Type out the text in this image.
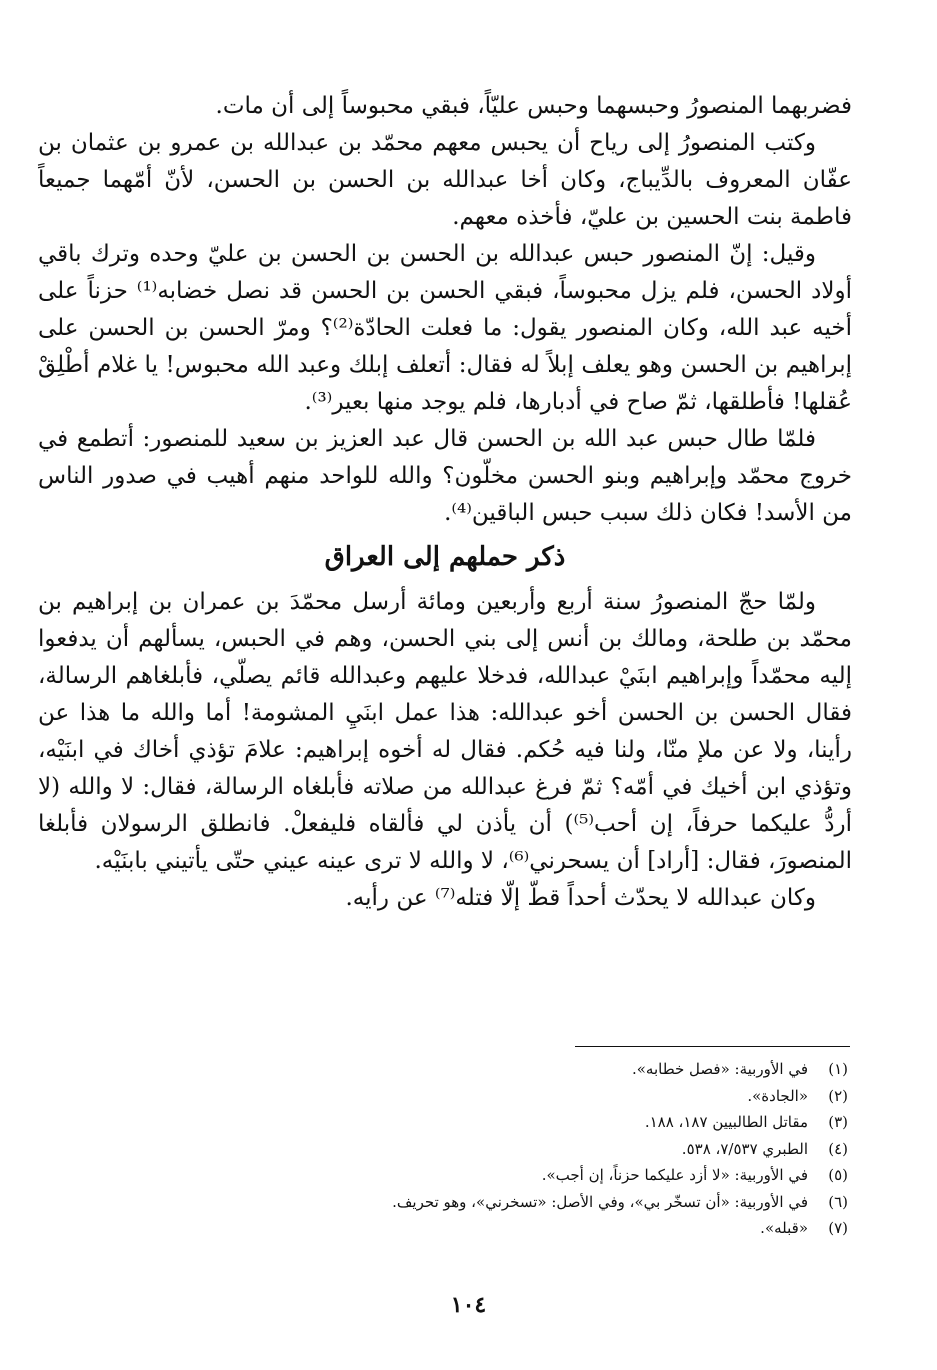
فضربهما المنصورُ وحبسهما وحبس عليّاً، فبقي محبوساً إلى أن مات.

وكتب المنصورُ إلى رياح أن يحبس معهم محمّد بن عبدالله بن عمرو بن عثمان بن عفّان المعروف بالدِّيباج، وكان أخا عبدالله بن الحسن بن الحسن، لأنّ أمّهما جميعاً فاطمة بنت الحسين بن عليّ، فأخذه معهم.

وقيل: إنّ المنصور حبس عبدالله بن الحسن بن الحسن بن عليّ وحده وترك باقي أولاد الحسن، فلم يزل محبوساً، فبقي الحسن بن الحسن قد نصل خضابه⁽¹⁾ حزناً على أخيه عبد الله، وكان المنصور يقول: ما فعلت الحادّة⁽²⁾؟ ومرّ الحسن بن الحسن على إبراهيم بن الحسن وهو يعلف إبلاً له فقال: أتعلف إبلك وعبد الله محبوس! يا غلام أطْلِقْ عُقلها! فأطلقها، ثمّ صاح في أدبارها، فلم يوجد منها بعير⁽³⁾.

فلمّا طال حبس عبد الله بن الحسن قال عبد العزيز بن سعيد للمنصور: أتطمع في خروج محمّد وإبراهيم وبنو الحسن مخلّون؟ والله للواحد منهم أهيب في صدور الناس من الأسد! فكان ذلك سبب حبس الباقين⁽⁴⁾.

ذكر حملهم إلى العراق

ولمّا حجّ المنصورُ سنة أربع وأربعين ومائة أرسل محمّدَ بن عمران بن إبراهيم بن محمّد بن طلحة، ومالك بن أنس إلى بني الحسن، وهم في الحبس، يسألهم أن يدفعوا إليه محمّداً وإبراهيم ابنَيْ عبدالله، فدخلا عليهم وعبدالله قائم يصلّي، فأبلغاهم الرسالة، فقال الحسن بن الحسن أخو عبدالله: هذا عمل ابنَيِ المشومة! أما والله ما هذا عن رأينا، ولا عن ملإ منّا، ولنا فيه حُكم. فقال له أخوه إبراهيم: علامَ تؤذي أخاك في ابنَيْه، وتؤذي ابن أخيك في أمّه؟ ثمّ فرغ عبدالله من صلاته فأبلغاه الرسالة، فقال: لا والله (لا أردُّ عليكما حرفاً، إن أحب⁽⁵⁾) أن يأذن لي فألقاه فليفعلْ. فانطلق الرسولان فأبلغا المنصورَ، فقال: [أراد] أن يسحرني⁽⁶⁾، لا والله لا ترى عينه عيني حتّى يأتيني بابنَيْه.

وكان عبدالله لا يحدّث أحداً قطّ إلّا فتله⁽⁷⁾ عن رأيه.

(١)
في الأوربية: «فصل خطابه».
(٢)
«الجادة».
(٣)
مقاتل الطالبيين ١٨٧، ١٨٨.
(٤)
الطبري ٧/٥٣٧، ٥٣٨.
(٥)
في الأوربية: «لا أزد عليكما حزناً، إن أجب».
(٦)
في الأوربية: «أن تسخّر بي»، وفي الأصل: «تسخرني»، وهو تحريف.
(٧)
«قبله».
١٠٤
